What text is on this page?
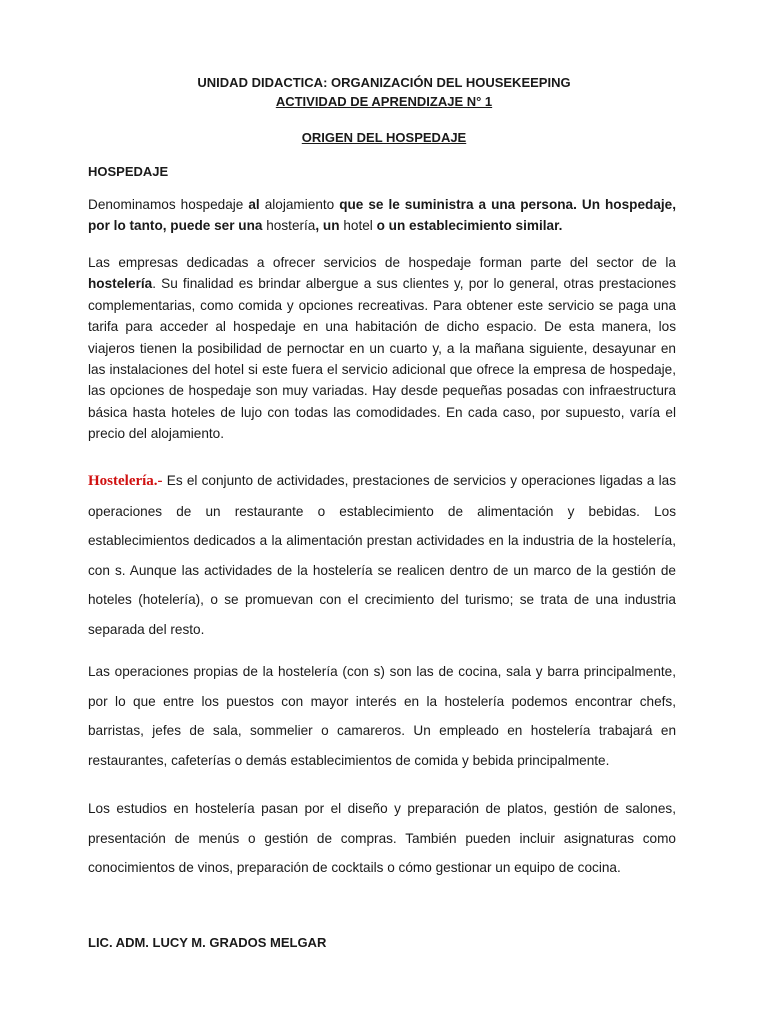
UNIDAD DIDACTICA: ORGANIZACIÓN DEL HOUSEKEEPING
ACTIVIDAD DE APRENDIZAJE N° 1
ORIGEN DEL HOSPEDAJE
HOSPEDAJE
Denominamos hospedaje al alojamiento que se le suministra a una persona. Un hospedaje, por lo tanto, puede ser una hostería, un hotel o un establecimiento similar.
Las empresas dedicadas a ofrecer servicios de hospedaje forman parte del sector de la hostelería. Su finalidad es brindar albergue a sus clientes y, por lo general, otras prestaciones complementarias, como comida y opciones recreativas. Para obtener este servicio se paga una tarifa para acceder al hospedaje en una habitación de dicho espacio. De esta manera, los viajeros tienen la posibilidad de pernoctar en un cuarto y, a la mañana siguiente, desayunar en las instalaciones del hotel si este fuera el servicio adicional que ofrece la empresa de hospedaje, las opciones de hospedaje son muy variadas. Hay desde pequeñas posadas con infraestructura básica hasta hoteles de lujo con todas las comodidades. En cada caso, por supuesto, varía el precio del alojamiento.
Hostelería.- Es el conjunto de actividades, prestaciones de servicios y operaciones ligadas a las operaciones de un restaurante o establecimiento de alimentación y bebidas. Los establecimientos dedicados a la alimentación prestan actividades en la industria de la hostelería, con s. Aunque las actividades de la hostelería se realicen dentro de un marco de la gestión de hoteles (hotelería), o se promuevan con el crecimiento del turismo; se trata de una industria separada del resto.
Las operaciones propias de la hostelería (con s) son las de cocina, sala y barra principalmente, por lo que entre los puestos con mayor interés en la hostelería podemos encontrar chefs, barristas, jefes de sala, sommelier o camareros. Un empleado en hostelería trabajará en restaurantes, cafeterías o demás establecimientos de comida y bebida principalmente.
Los estudios en hostelería pasan por el diseño y preparación de platos, gestión de salones, presentación de menús o gestión de compras. También pueden incluir asignaturas como conocimientos de vinos, preparación de cocktails o cómo gestionar un equipo de cocina.
LIC. ADM. LUCY M. GRADOS MELGAR
